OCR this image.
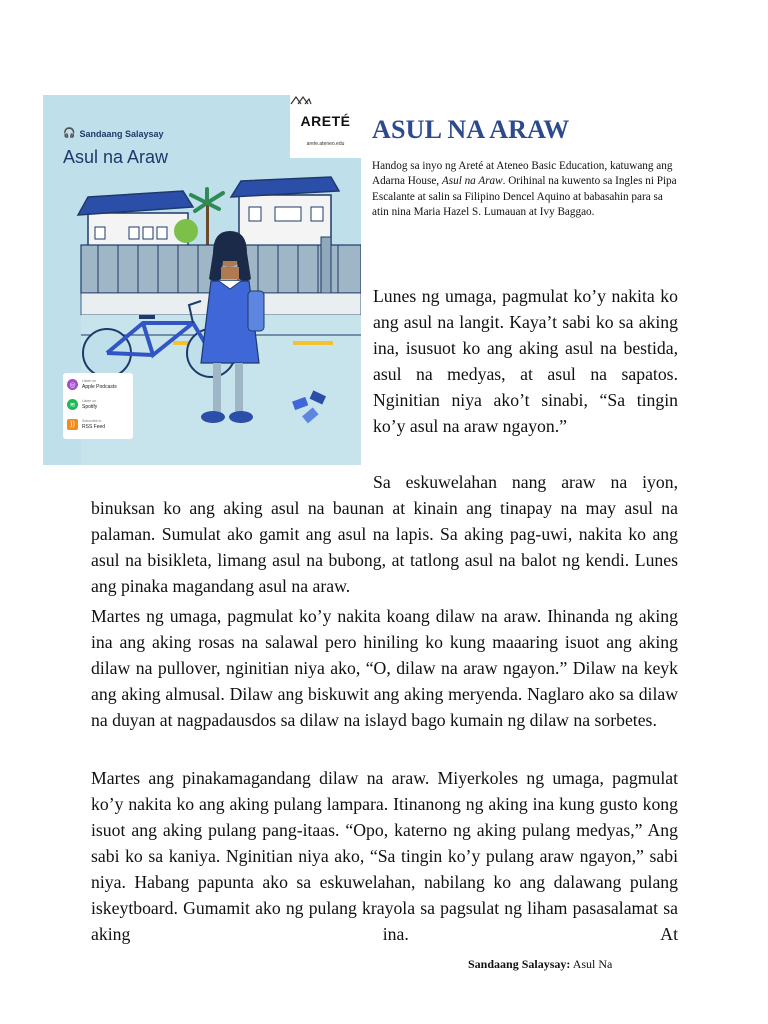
🎧 Sandaang Salaysay
Asul na Araw
ARETÉ
arete.ateneo.edu
◎
Listen on
Apple Podcasts
≋
Listen on
Spotify
))	Subscribe to
RSS Feed
ASUL NA ARAW

Handog sa inyo ng Areté at Ateneo Basic Education, katuwang ang Adarna House, Asul na Araw. Orihinal na kuwento sa Ingles ni Pipa Escalante at salin sa Filipino Dencel Aquino at babasahin para sa atin nina Maria Hazel S. Lumauan at Ivy Baggao.

Lunes ng umaga, pagmulat ko’y nakita ko ang asul na langit. Kaya’t sabi ko sa aking ina, isusuot ko ang aking asul na bestida, asul na medyas, at asul na sapatos. Nginitian niya ako’t sinabi, “Sa tingin ko’y asul na araw ngayon.”

Sa eskuwelahan nang araw na iyon, binuksan ko ang aking asul na baunan at kinain ang tinapay na may asul na palaman. Sumulat ako gamit ang asul na lapis. Sa aking pag-uwi, nakita ko ang asul na bisikleta, limang asul na bubong, at tatlong asul na balot ng kendi. Lunes ang pinaka magandang asul na araw.

Martes ng umaga, pagmulat ko’y nakita koang dilaw na araw. Ihinanda ng aking ina ang aking rosas na salawal pero hiniling ko kung maaaring isuot ang aking dilaw na pullover, nginitian niya ako, “O, dilaw na araw ngayon.” Dilaw na keyk ang aking almusal. Dilaw ang biskuwit ang aking meryenda. Naglaro ako sa dilaw na duyan at nagpadausdos sa dilaw na islayd bago kumain ng dilaw na sorbetes.

Martes ang pinakamagandang dilaw na araw. Miyerkoles ng umaga, pagmulat ko’y nakita ko ang aking pulang lampara. Itinanong ng aking ina kung gusto kong isuot ang aking pulang pang-itaas. “Opo, katerno ng aking pulang medyas,” Ang sabi ko sa kaniya. Nginitian niya ako, “Sa tingin ko’y pulang araw ngayon,” sabi niya. Habang papunta ako sa eskuwelahan, nabilang ko ang dalawang pulang iskeytboard. Gumamit ako ng pulang krayola sa pagsulat ng liham pasasalamat sa aking ina. At

Sandaang Salaysay: Asul Na
